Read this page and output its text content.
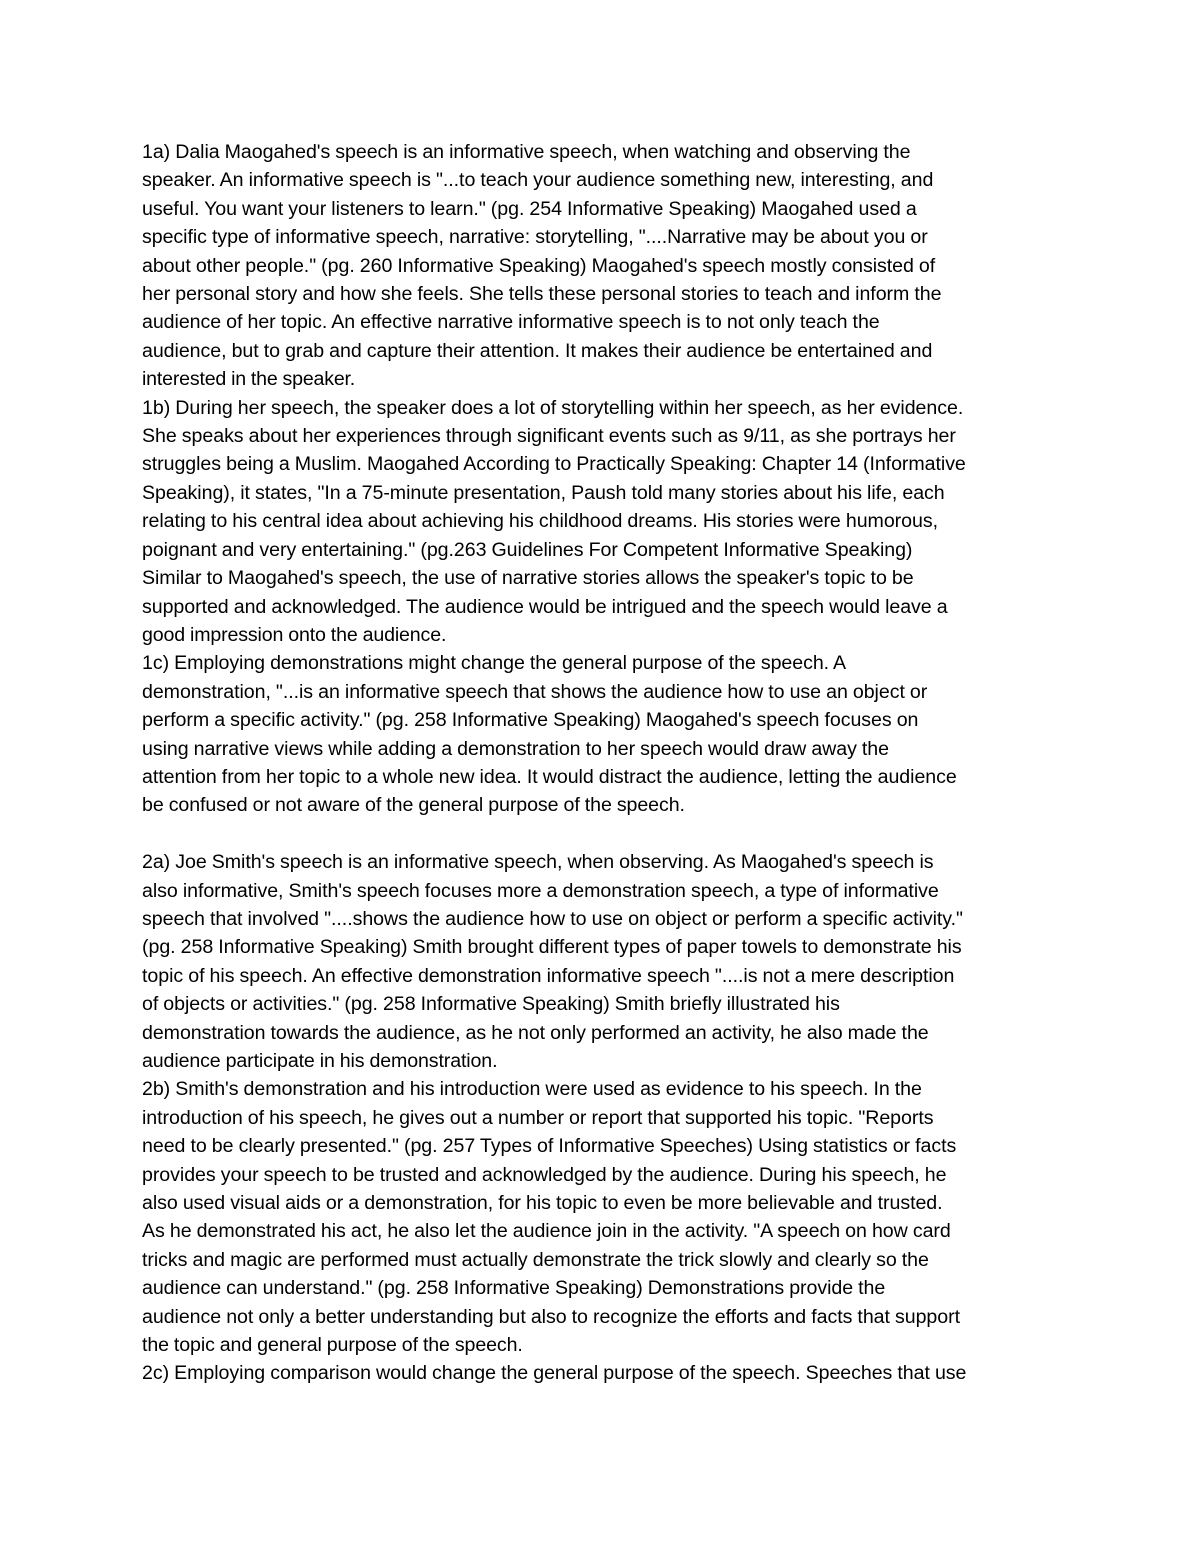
1a) Dalia Maogahed's speech is an informative speech, when watching and observing the
speaker. An informative speech is "...to teach your audience something new, interesting, and
useful. You want your listeners to learn." (pg. 254 Informative Speaking) Maogahed used a
specific type of informative speech, narrative: storytelling, "....Narrative may be about you or
about other people." (pg. 260 Informative Speaking) Maogahed's speech mostly consisted of
her personal story and how she feels. She tells these personal stories to teach and inform the
audience of her topic. An effective narrative informative speech is to not only teach the
audience, but to grab and capture their attention. It makes their audience be entertained and
interested in the speaker.
1b) During her speech, the speaker does a lot of storytelling within her speech, as her evidence.
She speaks about her experiences through significant events such as 9/11, as she portrays her
struggles being a Muslim. Maogahed According to Practically Speaking: Chapter 14 (Informative
Speaking), it states, "In a 75-minute presentation, Paush told many stories about his life, each
relating to his central idea about achieving his childhood dreams. His stories were humorous,
poignant and very entertaining." (pg.263 Guidelines For Competent Informative Speaking)
Similar to Maogahed's speech, the use of narrative stories allows the speaker's topic to be
supported and acknowledged. The audience would be intrigued and the speech would leave a
good impression onto the audience.
1c) Employing demonstrations might change the general purpose of the speech. A
demonstration, "...is an informative speech that shows the audience how to use an object or
perform a specific activity." (pg. 258 Informative Speaking) Maogahed's speech focuses on
using narrative views while adding a demonstration to her speech would draw away the
attention from her topic to a whole new idea. It would distract the audience, letting the audience
be confused or not aware of the general purpose of the speech.
2a) Joe Smith's speech is an informative speech, when observing. As Maogahed's speech is
also informative, Smith's speech focuses more a demonstration speech, a type of informative
speech that involved "....shows the audience how to use on object or perform a specific activity."
(pg. 258 Informative Speaking) Smith brought different types of paper towels to demonstrate his
topic of his speech. An effective demonstration informative speech "....is not a mere description
of objects or activities." (pg. 258 Informative Speaking) Smith briefly illustrated his
demonstration towards the audience, as he not only performed an activity, he also made the
audience participate in his demonstration.
2b) Smith's demonstration and his introduction were used as evidence to his speech. In the
introduction of his speech, he gives out a number or report that supported his topic. "Reports
need to be clearly presented." (pg. 257 Types of Informative Speeches) Using statistics or facts
provides your speech to be trusted and acknowledged by the audience. During his speech, he
also used visual aids or a demonstration, for his topic to even be more believable and trusted.
As he demonstrated his act, he also let the audience join in the activity. "A speech on how card
tricks and magic are performed must actually demonstrate the trick slowly and clearly so the
audience can understand." (pg. 258 Informative Speaking) Demonstrations provide the
audience not only a better understanding but also to recognize the efforts and facts that support
the topic and general purpose of the speech.
2c) Employing comparison would change the general purpose of the speech. Speeches that use
